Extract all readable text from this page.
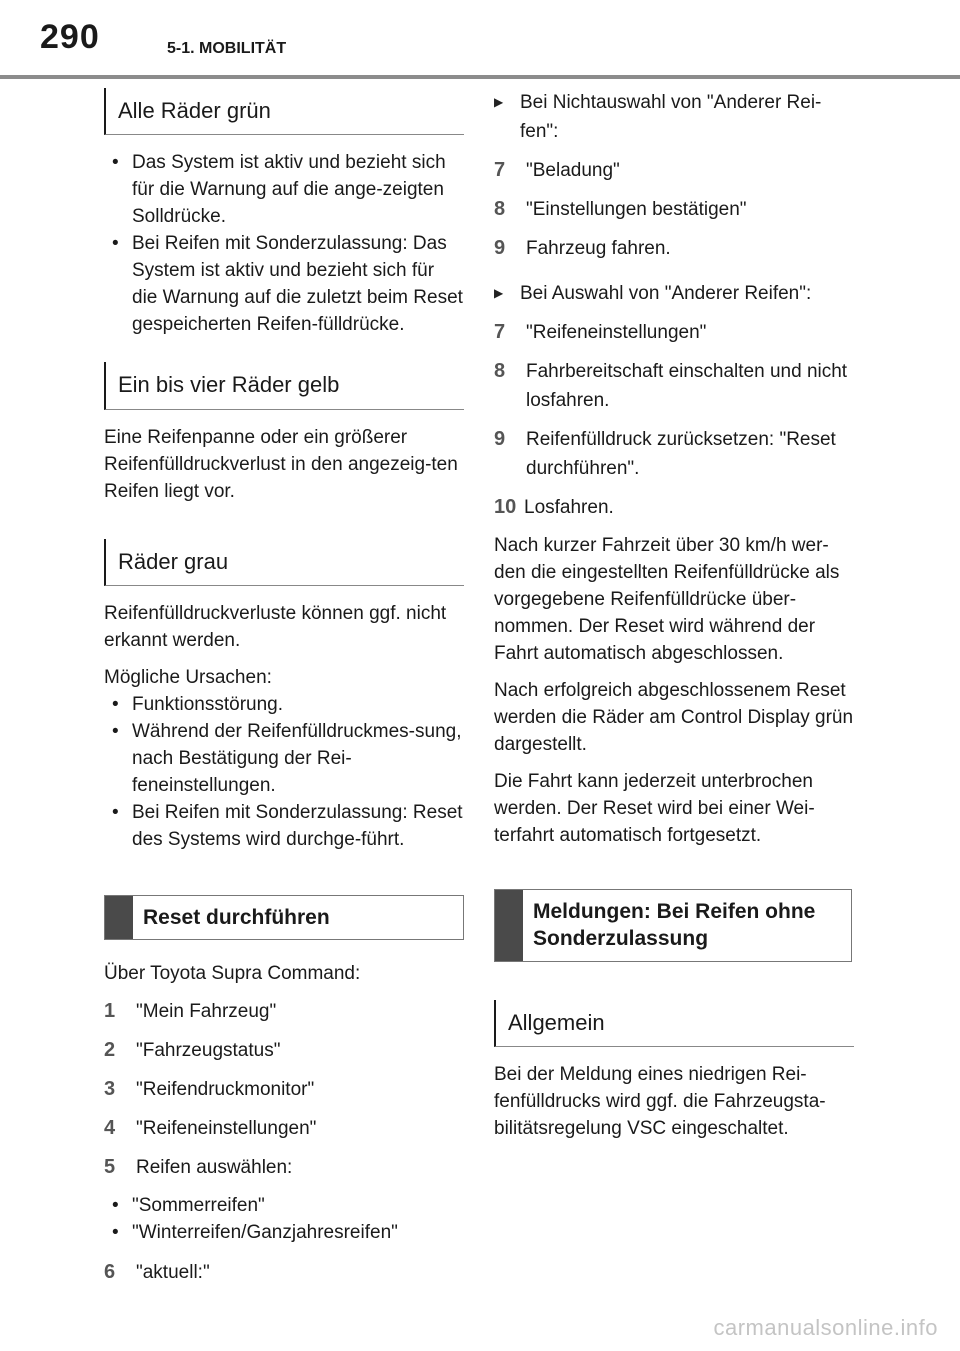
290	5-1. MOBILITÄT
Alle Räder grün
• Das System ist aktiv und bezieht sich für die Warnung auf die ange-zeigten Solldrücke.
• Bei Reifen mit Sonderzulassung: Das System ist aktiv und bezieht sich für die Warnung auf die zuletzt beim Reset gespeicherten Reifen-fülldrücke.
Ein bis vier Räder gelb

Eine Reifenpanne oder ein größerer Reifenfülldruckverlust in den angezeig-ten Reifen liegt vor.

Räder grau

Reifenfülldruckverluste können ggf. nicht erkannt werden.

Mögliche Ursachen:

• Funktionsstörung.
• Während der Reifenfülldruckmes-sung, nach Bestätigung der Rei-feneinstellungen.
• Bei Reifen mit Sonderzulassung: Reset des Systems wird durchge-führt.
Reset durchführen

Über Toyota Supra Command:

1	"Mein Fahrzeug"
2	"Fahrzeugstatus"
3	"Reifendruckmonitor"
4	"Reifeneinstellungen"
5	Reifen auswählen:
• "Sommerreifen"
• "Winterreifen/Ganzjahresreifen"
6	"aktuell:"
▶ Bei Nichtauswahl von "Anderer Rei-fen":
7	"Beladung"
8	"Einstellungen bestätigen"
9	Fahrzeug fahren.
▶ Bei Auswahl von "Anderer Reifen":
7	"Reifeneinstellungen"
8	Fahrbereitschaft einschalten und nicht losfahren.
9	Reifenfülldruck zurücksetzen: "Reset durchführen".
10 Losfahren.

Nach kurzer Fahrzeit über 30 km/h wer-den die eingestellten Reifenfülldrücke als vorgegebene Reifenfülldrücke über-nommen. Der Reset wird während der Fahrt automatisch abgeschlossen.

Nach erfolgreich abgeschlossenem Reset werden die Räder am Control Display grün dargestellt.

Die Fahrt kann jederzeit unterbrochen werden. Der Reset wird bei einer Wei-terfahrt automatisch fortgesetzt.

Meldungen: Bei Reifen ohne Sonderzulassung
Allgemein

Bei der Meldung eines niedrigen Rei-fenfülldrucks wird ggf. die Fahrzeugsta-bilitätsregelung VSC eingeschaltet.

carmanualsonline.info
